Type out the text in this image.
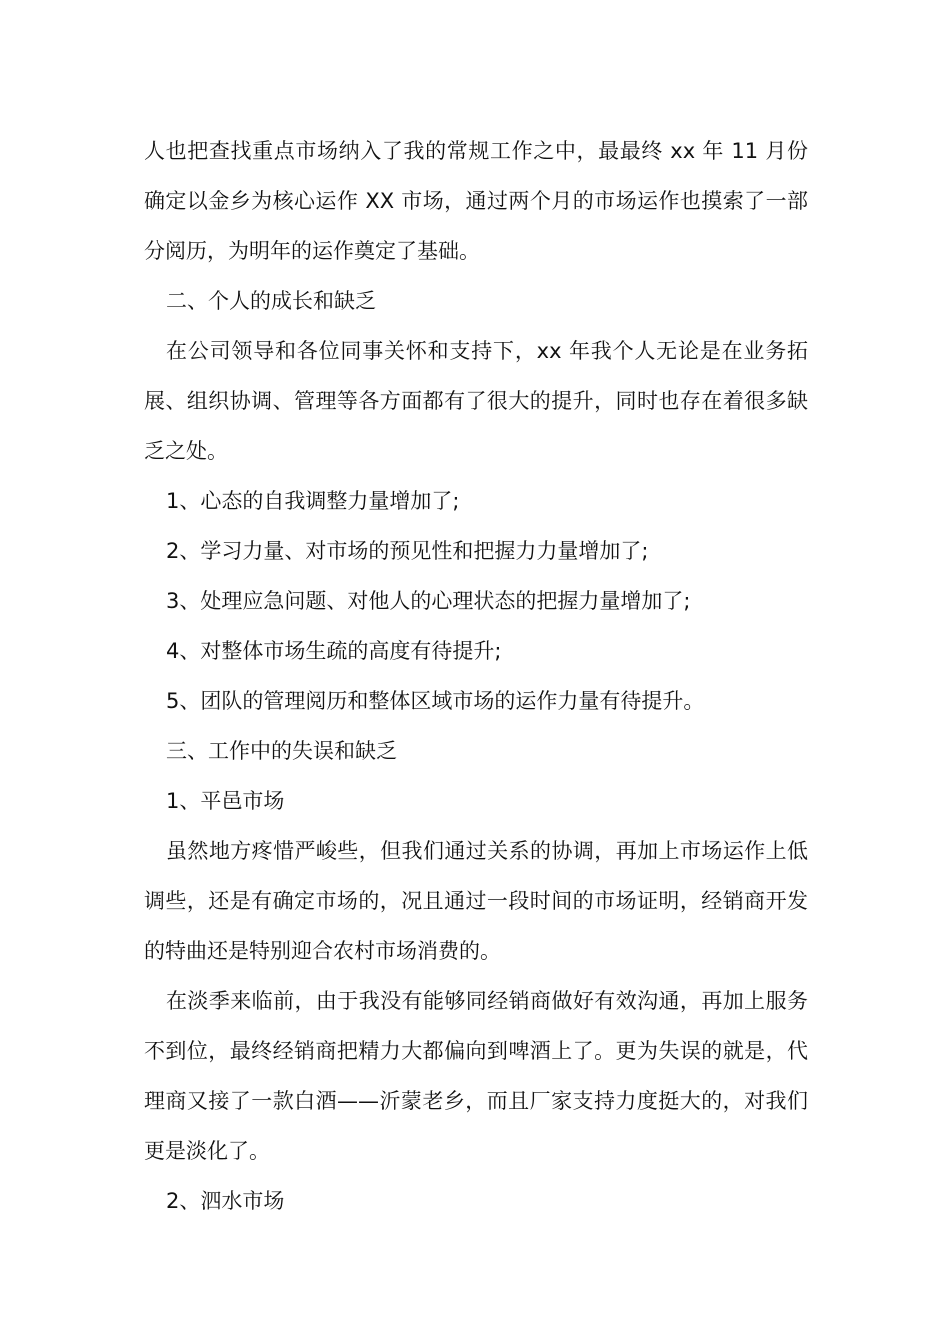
人也把查找重点市场纳入了我的常规工作之中，最最终 xx 年 11 月份确定以金乡为核心运作 XX 市场，通过两个月的市场运作也摸索了一部分阅历，为明年的运作奠定了基础。

二、个人的成长和缺乏

在公司领导和各位同事关怀和支持下，xx 年我个人无论是在业务拓展、组织协调、管理等各方面都有了很大的提升，同时也存在着很多缺乏之处。

1、心态的自我调整力量增加了;

2、学习力量、对市场的预见性和把握力力量增加了;

3、处理应急问题、对他人的心理状态的把握力量增加了;

4、对整体市场生疏的高度有待提升;

5、团队的管理阅历和整体区域市场的运作力量有待提升。

三、工作中的失误和缺乏

1、平邑市场

虽然地方疼惜严峻些，但我们通过关系的协调，再加上市场运作上低调些，还是有确定市场的，况且通过一段时间的市场证明，经销商开发的特曲还是特别迎合农村市场消费的。

在淡季来临前，由于我没有能够同经销商做好有效沟通，再加上服务不到位，最终经销商把精力大都偏向到啤酒上了。更为失误的就是，代理商又接了一款白酒——沂蒙老乡，而且厂家支持力度挺大的，对我们更是淡化了。

2、泗水市场
